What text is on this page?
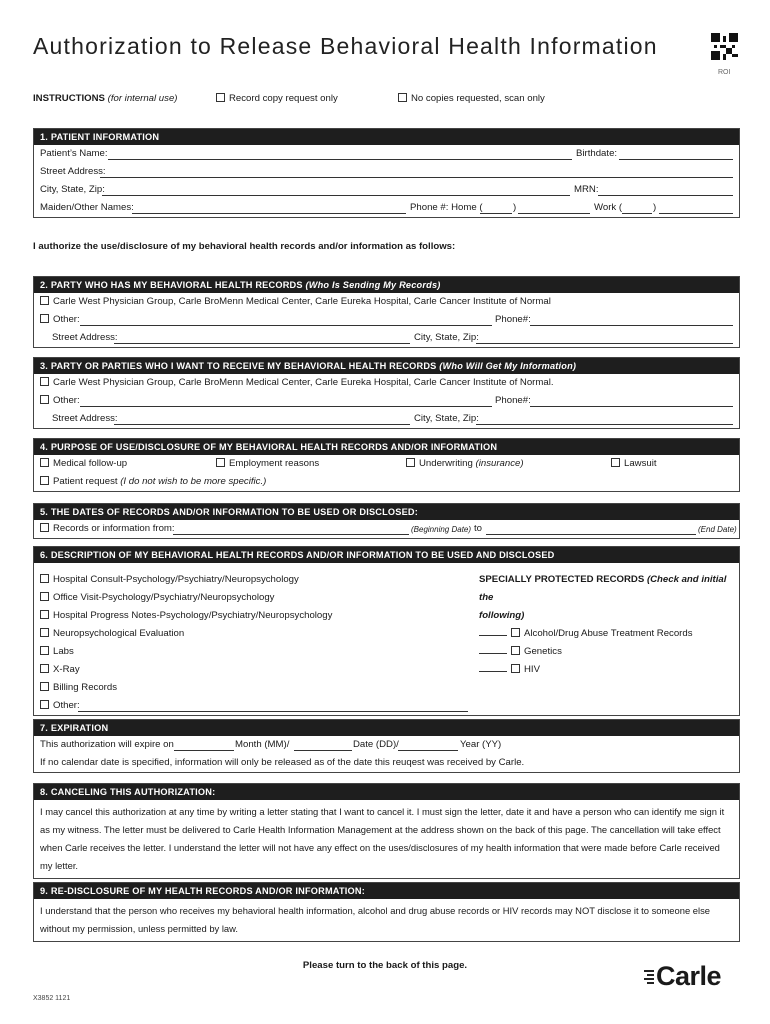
Authorization to Release Behavioral Health Information
ROI
INSTRUCTIONS (for internal use)	Record copy request only	No copies requested, scan only
1. PATIENT INFORMATION
Patient’s Name:	Birthdate:
Street Address:
City, State, Zip:	MRN:
Maiden/Other Names:	Phone #: Home (	)	Work (	)
I authorize the use/disclosure of my behavioral health records and/or information as follows:
2. PARTY WHO HAS MY BEHAVIORAL HEALTH RECORDS (Who Is Sending My Records)
Carle West Physician Group, Carle BroMenn Medical Center, Carle Eureka Hospital, Carle Cancer Institute of Normal
Other:	Phone#:
Street Address:	City, State, Zip:
3. PARTY OR PARTIES WHO I WANT TO RECEIVE MY BEHAVIORAL HEALTH RECORDS (Who Will Get My Information)
Carle West Physician Group, Carle BroMenn Medical Center, Carle Eureka Hospital, Carle Cancer Institute of Normal.
Other:	Phone#:
Street Address:	City, State, Zip:
4. PURPOSE OF USE/DISCLOSURE OF MY BEHAVIORAL HEALTH RECORDS AND/OR INFORMATION
Medical follow-up	Employment reasons	Underwriting (insurance)	Lawsuit
Patient request (I do not wish to be more specific.)
5. THE DATES OF RECORDS AND/OR INFORMATION TO BE USED OR DISCLOSED:
Records or information from:	(Beginning Date) to	(End Date)
6. DESCRIPTION OF MY BEHAVIORAL HEALTH RECORDS AND/OR INFORMATION TO BE USED AND DISCLOSED
Hospital Consult-Psychology/Psychiatry/Neuropsychology
Office Visit-Psychology/Psychiatry/Neuropsychology
Hospital Progress Notes-Psychology/Psychiatry/Neuropsychology
Neuropsychological Evaluation
Labs
X-Ray
Billing Records
Other:
SPECIALLY PROTECTED RECORDS (Check and initial the
following)
Alcohol/Drug Abuse Treatment Records
Genetics
HIV
7. EXPIRATION
This authorization will expire on	Month (MM)/	Date (DD)/	Year (YY)
If no calendar date is specified, information will only be released as of the date this reuqest was received by Carle.
8. CANCELING THIS AUTHORIZATION:
I may cancel this authorization at any time by writing a letter stating that I want to cancel it. I must sign the letter, date it and have a person who can identify me sign it as my witness. The letter must be delivered to Carle Health Information Management at the address shown on the back of this page. The cancellation will take effect when Carle receives the letter. I understand the letter will not have any effect on the uses/disclosures of my health information that were made before Carle received my letter.
9. RE-DISCLOSURE OF MY HEALTH RECORDS AND/OR INFORMATION:
I understand that the person who receives my behavioral health information, alcohol and drug abuse records or HIV records may NOT disclose it to someone else without my permission, unless permitted by law.
Please turn to the back of this page.
X3852 1121
Carle
